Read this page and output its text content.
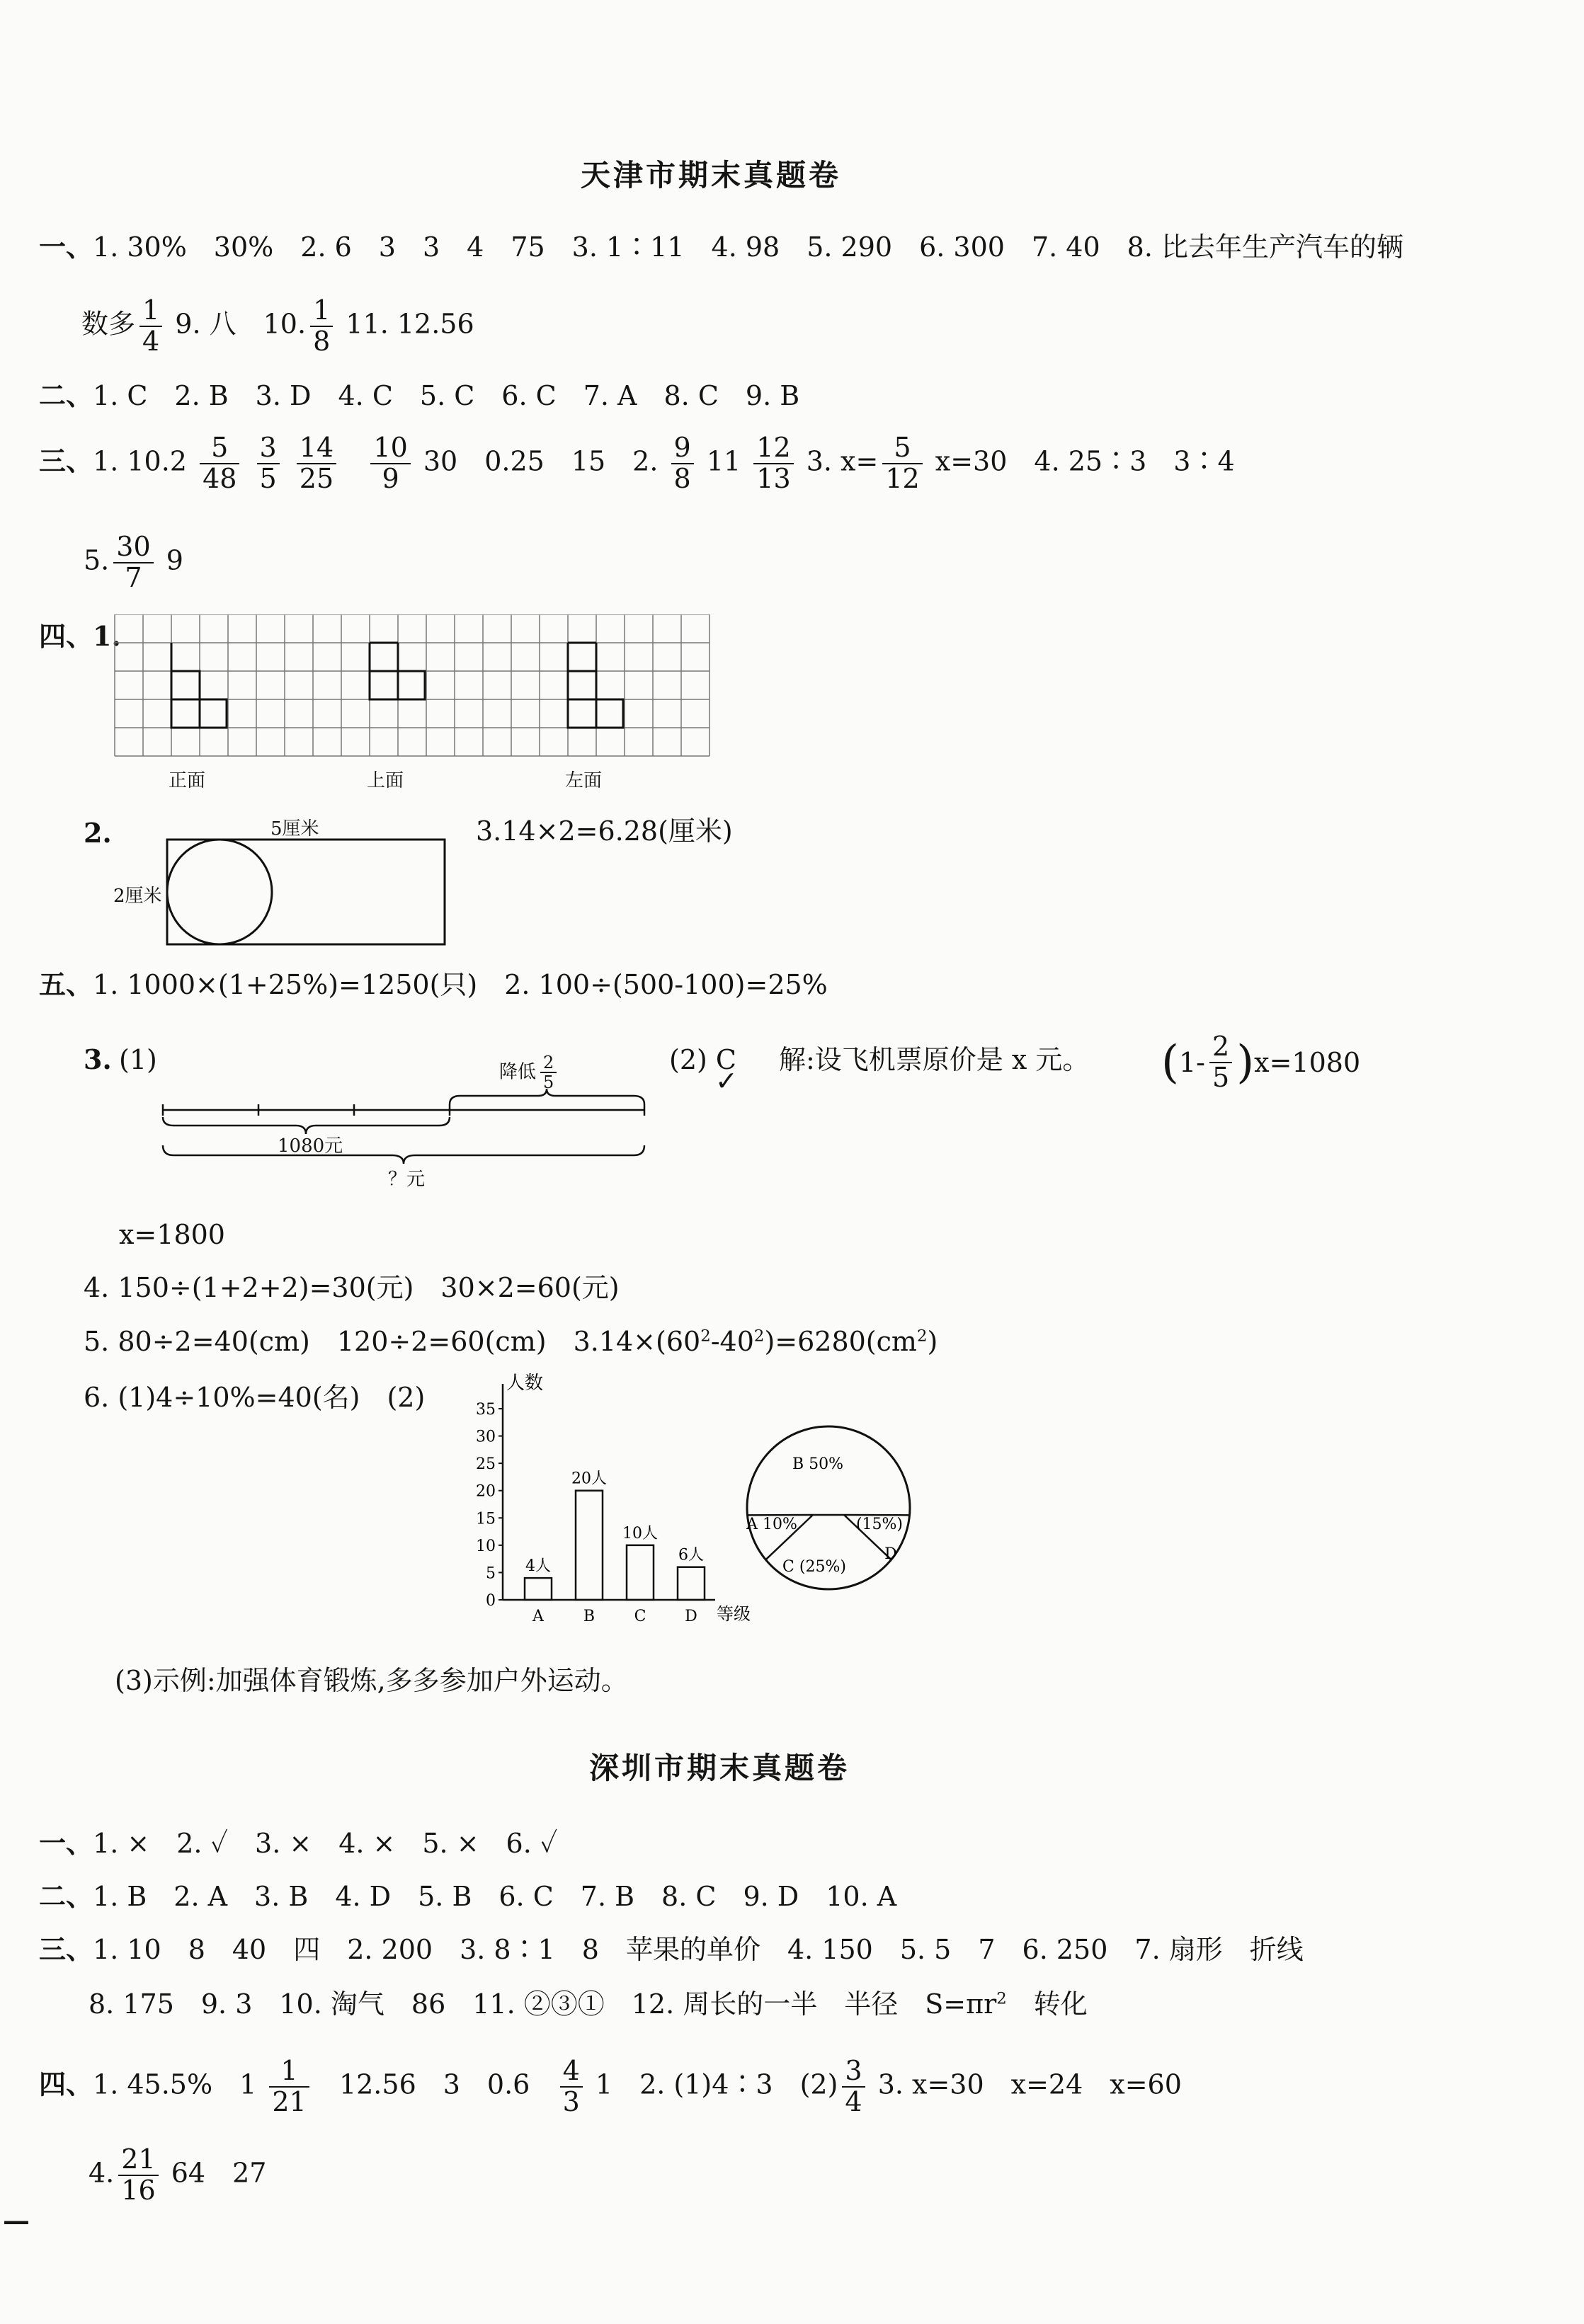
天津市期末真题卷
一、1. 30%　30%　2. 6　3　3　4　75　3. 1∶11　4. 98　5. 290　6. 300　7. 40　8. 比去年生产汽车的辆
数多 $\frac{1}{4} 9$. 八　10. $\frac{1}{8} 11$. 12.56
二、1. C　2. B　3. D　4. C　5. C　6. C　7. A　8. C　9. B
三、1. $10.2 \frac{5}{48}$
$\frac{3}{5}$
$\frac{14}{25}$
$\frac{10}{9} 30$　0.25　15　2. $\frac{9}{8} 11 \frac{12}{13} 3$. $x= \frac{5}{12} x=30$　4. 25∶3　3∶4
5. $\frac{30}{7} 9$
四、1.
正面	上面	左面
2.	5厘米
2厘米
3.14×2=6.28(厘米)
五、1. 1000×(1+25%)=1250(只)　2. 100÷(500-100)=25%
3. (1)	降低 $\frac{2}{5}$
1080元
？元
(2) C
✓
解:设飞机票原价是 x 元。 $(1- \frac{2}{5} )x=1080$
x=1800
4. 150÷(1+2+2)=30(元)　30×2=60(元)
5. 80÷2=40(cm)　120÷2=60(cm)　$3.14\times(60^2-40^2)=6280(cm^2)$
6. (1)4÷10%=40(名)　(2)	人数
等级
0
5
10
15
20
25
30
35
4人
A
20人
B
10人
C
6人
D
B 50%
A 10%	(15%)
C (25%)
D
(3)示例:加强体育锻炼,多多参加户外运动。
深圳市期末真题卷
一、1. ×　2. ✓　3. ×　4. ×　5. ×　6. ✓
二、1. B　2. A　3. B　4. D　5. B　6. C　7. B　8. C　9. D　10. A
三、1. 10　8　40　四　2. 200　3. 8∶1　8　苹果的单价　4. 150　5. 5　7　6. 250　7. 扇形　折线
8. 175　9. 3　10. 淘气　86　11. ②③①　12. 周长的一半　半径　$S=\pi r^2$　转化
四、1. 45.5%　$1 \frac{1}{21} 12.56$　3　$0.6 \frac{4}{3} 1$　2. (1)4∶3　$(2) \frac{3}{4} 3$. x=30　x=24　x=60
4. $\frac{21}{16} 64$　27
—
